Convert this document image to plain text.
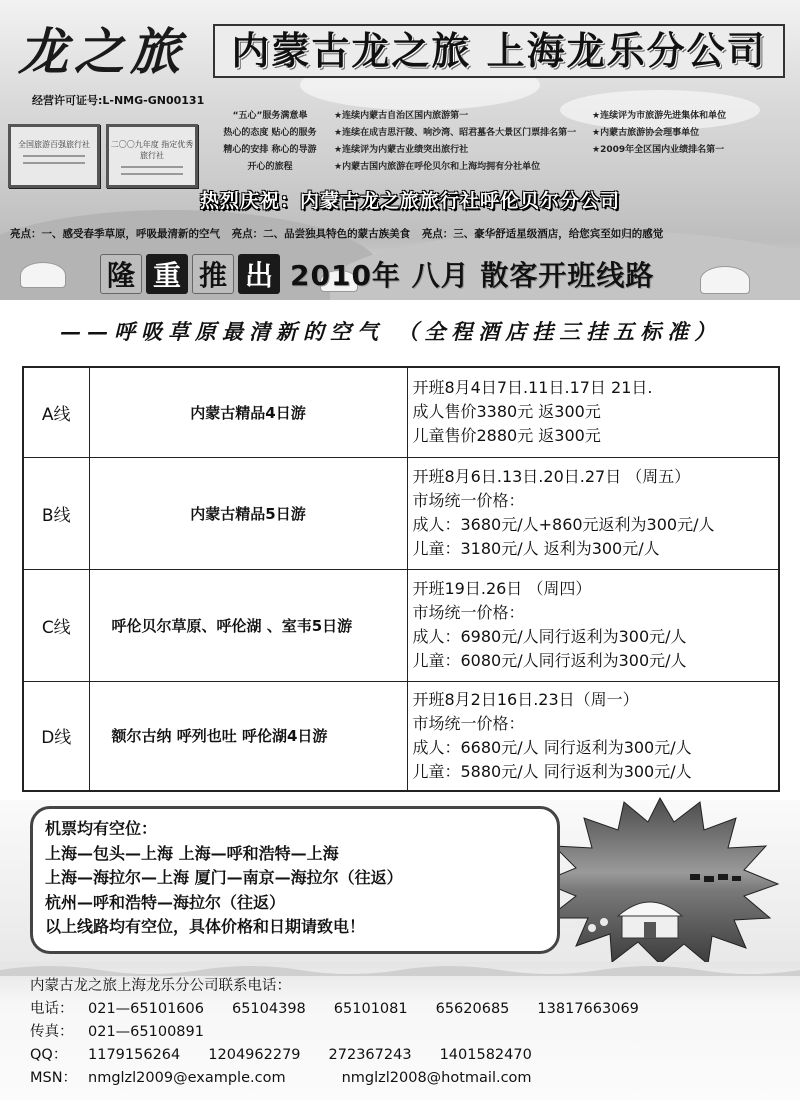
龙之旅	内蒙古龙之旅 上海龙乐分公司
经营许可证号:L-NMG-GN00131
全国旅游百强旅行社	二〇〇九年度 指定优秀旅行社
“五心”服务满意皋
热心的态度 贴心的服务
精心的安排 称心的导游
开心的旅程
★连续内蒙古自治区国内旅游第一
★连续在成吉思汗陵、响沙湾、昭君墓各大景区门票排名第一
★连续评为内蒙古业绩突出旅行社
★内蒙古国内旅游在呼伦贝尔和上海均拥有分社单位
★连续评为市旅游先进集体和单位
★内蒙古旅游协会理事单位
★2009年全区国内业绩排名第一
热烈庆祝：内蒙古龙之旅旅行社呼伦贝尔分公司
亮点：一、感受春季草原，呼吸最清新的空气 亮点：二、品尝独具特色的蒙古族美食 亮点：三、豪华舒适星级酒店，给您宾至如归的感觉
隆 重 推 出 2010年 八月 散客开班线路
——呼吸草原最清新的空气 （全程酒店挂三挂五标准）
A线	内蒙古精品4日游	开班8月4日7日.11日.17日 21日.
成人售价3380元 返300元
儿童售价2880元 返300元

B线	内蒙古精品5日游	开班8月6日.13日.20日.27日 （周五）
市场统一价格：
成人：3680元/人+860元返利为300元/人
儿童：3180元/人 返利为300元/人

C线	呼伦贝尔草原、呼伦湖 、室韦5日游	开班19日.26日 （周四）
市场统一价格：
成人：6980元/人同行返利为300元/人
儿童：6080元/人同行返利为300元/人

D线	额尔古纳 呼列也吐 呼伦湖4日游	开班8月2日16日.23日（周一）
市场统一价格：
成人：6680元/人 同行返利为300元/人
儿童：5880元/人 同行返利为300元/人
机票均有空位：
上海—包头—上海 上海—呼和浩特—上海
上海—海拉尔—上海 厦门—南京—海拉尔（往返）
杭州—呼和浩特—海拉尔（往返）
以上线路均有空位，具体价格和日期请致电！
内蒙古龙之旅上海龙乐分公司联系电话：
电话：	021—65101606 65104398 65101081 65620685 13817663069
传真：	021—65100891
QQ：	1179156264 1204962279 272367243 1401582470
MSN： nmglzl2009@example.com	nmglzl2008@hotmail.com
